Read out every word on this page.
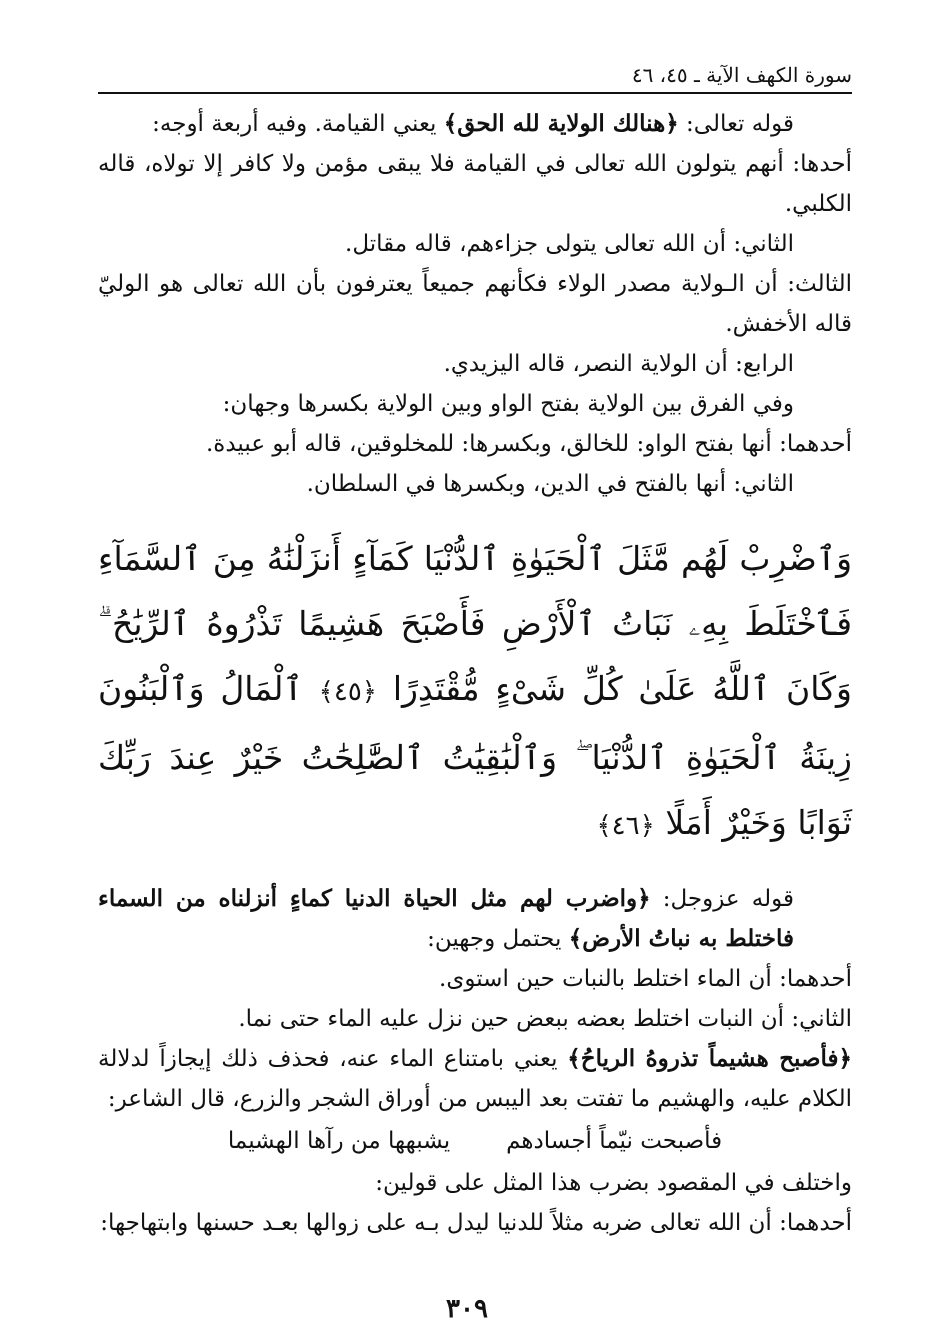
سورة الكهف الآية ـ ٤٥، ٤٦

قوله تعالى: ﴿هنالك الولاية لله الحق﴾ يعني القيامة. وفيه أربعة أوجه:

أحدها: أنهم يتولون الله تعالى في القيامة فلا يبقى مؤمن ولا كافر إلا تولاه، قاله الكلبي.

الثاني: أن الله تعالى يتولى جزاءهم، قاله مقاتل.

الثالث: أن الـولاية مصدر الولاء فكأنهم جميعاً يعترفون بأن الله تعالى هو الوليّ قاله الأخفش.

الرابع: أن الولاية النصر، قاله اليزيدي.

وفي الفرق بين الولاية بفتح الواو وبين الولاية بكسرها وجهان:

أحدهما: أنها بفتح الواو: للخالق، وبكسرها: للمخلوقين، قاله أبو عبيدة.

الثاني: أنها بالفتح في الدين، وبكسرها في السلطان.

وَٱضْرِبْ لَهُم مَّثَلَ ٱلْحَيَوٰةِ ٱلدُّنْيَا كَمَآءٍ أَنزَلْنَٰهُ مِنَ ٱلسَّمَآءِ فَٱخْتَلَطَ بِهِۦ نَبَاتُ ٱلْأَرْضِ فَأَصْبَحَ هَشِيمًا تَذْرُوهُ ٱلرِّيَٰحُ ۗ وَكَانَ ٱللَّهُ عَلَىٰ كُلِّ شَىْءٍ مُّقْتَدِرًا ﴿٤٥﴾ ٱلْمَالُ وَٱلْبَنُونَ زِينَةُ ٱلْحَيَوٰةِ ٱلدُّنْيَا ۖ وَٱلْبَٰقِيَٰتُ ٱلصَّٰلِحَٰتُ خَيْرٌ عِندَ رَبِّكَ ثَوَابًا وَخَيْرٌ أَمَلًا ﴿٤٦﴾

قوله عزوجل: ﴿واضرب لهم مثل الحياة الدنيا كماءٍ أنزلناه من السماء فاختلط به نباتُ الأرض﴾ يحتمل وجهين:

أحدهما: أن الماء اختلط بالنبات حين استوى.

الثاني: أن النبات اختلط بعضه ببعض حين نزل عليه الماء حتى نما.

﴿فأصبح هشيماً تذروهُ الرياحُ﴾ يعني بامتناع الماء عنه، فحذف ذلك إيجازاً لدلالة الكلام عليه، والهشيم ما تفتت بعد اليبس من أوراق الشجر والزرع، قال الشاعر:

فأصبحت نيّماً أجسادهم
يشبهها من رآها الهشيما

واختلف في المقصود بضرب هذا المثل على قولين:

أحدهما: أن الله تعالى ضربه مثلاً للدنيا ليدل بـه على زوالها بعـد حسنها وابتهاجها:

٣٠٩
